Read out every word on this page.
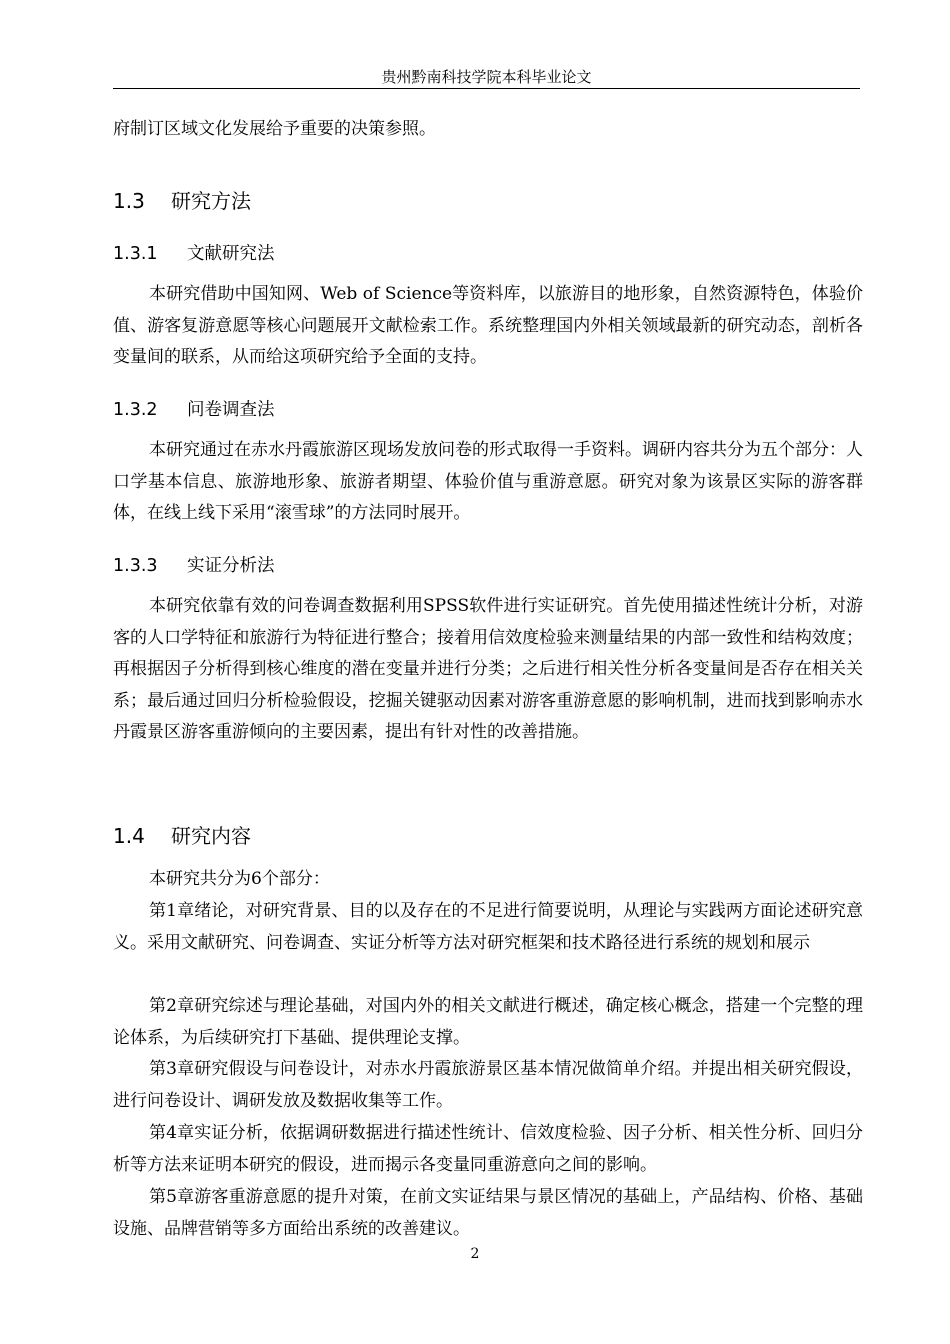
贵州黔南科技学院本科毕业论文

府制订区域文化发展给予重要的决策参照。

1.3 研究方法
1.3.1 文献研究法

本研究借助中国知网、Web of Science等资料库，以旅游目的地形象，自然资源特色，体验价值、游客复游意愿等核心问题展开文献检索工作。系统整理国内外相关领域最新的研究动态，剖析各变量间的联系，从而给这项研究给予全面的支持。

1.3.2 问卷调查法

本研究通过在赤水丹霞旅游区现场发放问卷的形式取得一手资料。调研内容共分为五个部分：人口学基本信息、旅游地形象、旅游者期望、体验价值与重游意愿。研究对象为该景区实际的游客群体，在线上线下采用“滚雪球”的方法同时展开。

1.3.3 实证分析法

本研究依靠有效的问卷调查数据利用SPSS软件进行实证研究。首先使用描述性统计分析，对游客的人口学特征和旅游行为特征进行整合；接着用信效度检验来测量结果的内部一致性和结构效度；再根据因子分析得到核心维度的潜在变量并进行分类；之后进行相关性分析各变量间是否存在相关关系；最后通过回归分析检验假设，挖掘关键驱动因素对游客重游意愿的影响机制，进而找到影响赤水丹霞景区游客重游倾向的主要因素，提出有针对性的改善措施。

1.4 研究内容

本研究共分为6个部分：

第1章绪论，对研究背景、目的以及存在的不足进行简要说明，从理论与实践两方面论述研究意义。采用文献研究、问卷调查、实证分析等方法对研究框架和技术路径进行系统的规划和展示

第2章研究综述与理论基础，对国内外的相关文献进行概述，确定核心概念，搭建一个完整的理论体系，为后续研究打下基础、提供理论支撑。

第3章研究假设与问卷设计，对赤水丹霞旅游景区基本情况做简单介绍。并提出相关研究假设，进行问卷设计、调研发放及数据收集等工作。

第4章实证分析，依据调研数据进行描述性统计、信效度检验、因子分析、相关性分析、回归分析等方法来证明本研究的假设，进而揭示各变量同重游意向之间的影响。

第5章游客重游意愿的提升对策，在前文实证结果与景区情况的基础上，产品结构、价格、基础设施、品牌营销等多方面给出系统的改善建议。

2
